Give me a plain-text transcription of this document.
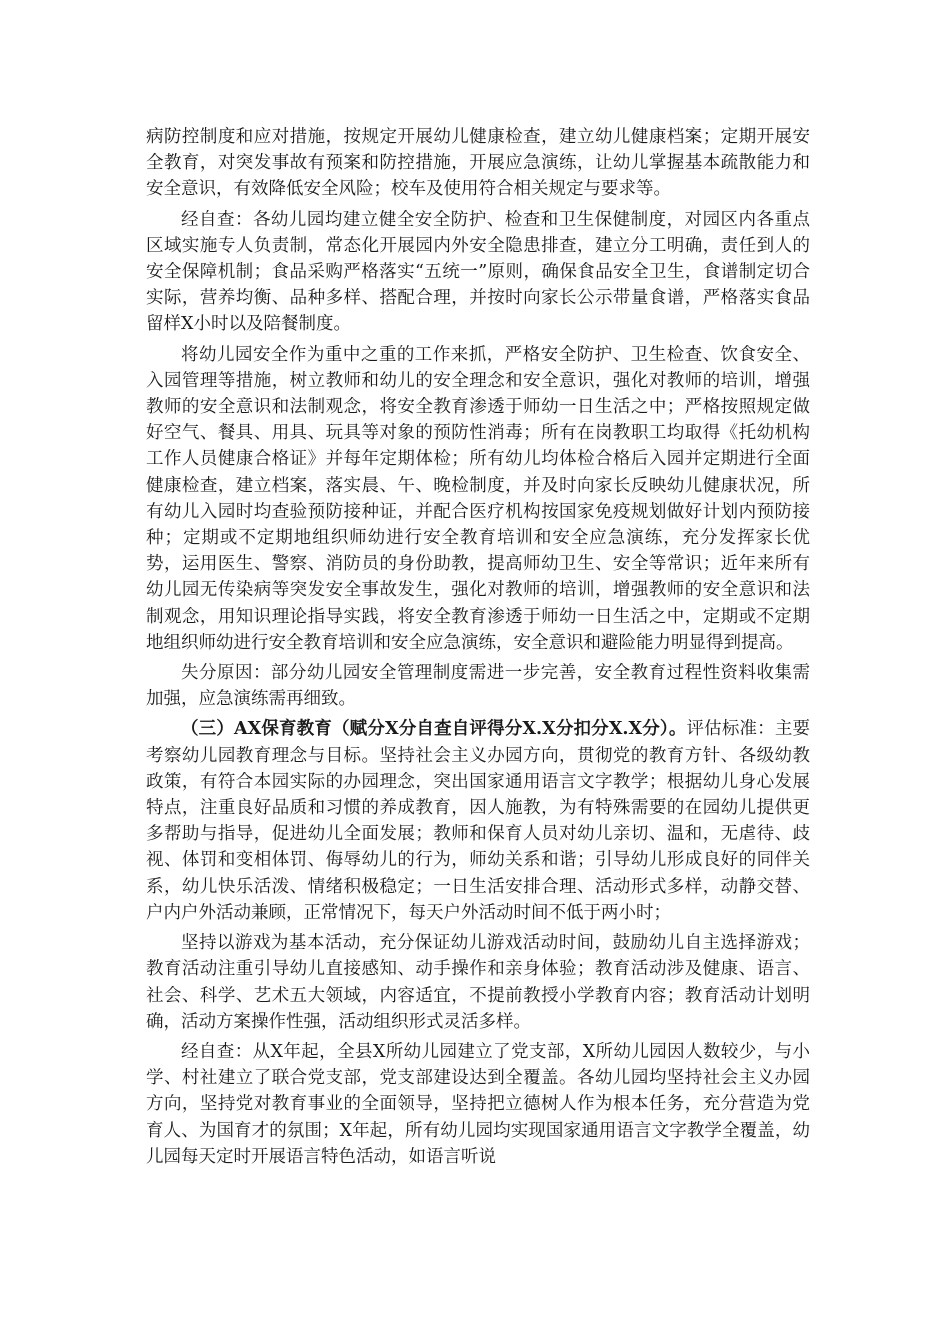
病防控制度和应对措施，按规定开展幼儿健康检查，建立幼儿健康档案；定期开展安全教育，对突发事故有预案和防控措施，开展应急演练，让幼儿掌握基本疏散能力和安全意识，有效降低安全风险；校车及使用符合相关规定与要求等。

经自查：各幼儿园均建立健全安全防护、检查和卫生保健制度，对园区内各重点区域实施专人负责制，常态化开展园内外安全隐患排查，建立分工明确，责任到人的安全保障机制；食品采购严格落实“五统一”原则，确保食品安全卫生，食谱制定切合实际，营养均衡、品种多样、搭配合理，并按时向家长公示带量食谱，严格落实食品留样X小时以及陪餐制度。

将幼儿园安全作为重中之重的工作来抓，严格安全防护、卫生检查、饮食安全、入园管理等措施，树立教师和幼儿的安全理念和安全意识，强化对教师的培训，增强教师的安全意识和法制观念，将安全教育渗透于师幼一日生活之中；严格按照规定做好空气、餐具、用具、玩具等对象的预防性消毒；所有在岗教职工均取得《托幼机构工作人员健康合格证》并每年定期体检；所有幼儿均体检合格后入园并定期进行全面健康检查，建立档案，落实晨、午、晚检制度，并及时向家长反映幼儿健康状况，所有幼儿入园时均查验预防接种证，并配合医疗机构按国家免疫规划做好计划内预防接种；定期或不定期地组织师幼进行安全教育培训和安全应急演练，充分发挥家长优势，运用医生、警察、消防员的身份助教，提高师幼卫生、安全等常识；近年来所有幼儿园无传染病等突发安全事故发生，强化对教师的培训，增强教师的安全意识和法制观念，用知识理论指导实践，将安全教育渗透于师幼一日生活之中，定期或不定期地组织师幼进行安全教育培训和安全应急演练，安全意识和避险能力明显得到提高。

失分原因：部分幼儿园安全管理制度需进一步完善，安全教育过程性资料收集需加强，应急演练需再细致。

（三）AX保育教育（赋分X分自查自评得分X.X分扣分X.X分）。评估标准：主要考察幼儿园教育理念与目标。坚持社会主义办园方向，贯彻党的教育方针、各级幼教政策，有符合本园实际的办园理念，突出国家通用语言文字教学；根据幼儿身心发展特点，注重良好品质和习惯的养成教育，因人施教，为有特殊需要的在园幼儿提供更多帮助与指导，促进幼儿全面发展；教师和保育人员对幼儿亲切、温和，无虐待、歧视、体罚和变相体罚、侮辱幼儿的行为，师幼关系和谐；引导幼儿形成良好的同伴关系，幼儿快乐活泼、情绪积极稳定；一日生活安排合理、活动形式多样，动静交替、户内户外活动兼顾，正常情况下，每天户外活动时间不低于两小时；

坚持以游戏为基本活动，充分保证幼儿游戏活动时间，鼓励幼儿自主选择游戏；教育活动注重引导幼儿直接感知、动手操作和亲身体验；教育活动涉及健康、语言、社会、科学、艺术五大领域，内容适宜，不提前教授小学教育内容；教育活动计划明确，活动方案操作性强，活动组织形式灵活多样。

经自查：从X年起，全县X所幼儿园建立了党支部，X所幼儿园因人数较少，与小学、村社建立了联合党支部，党支部建设达到全覆盖。各幼儿园均坚持社会主义办园方向，坚持党对教育事业的全面领导，坚持把立德树人作为根本任务，充分营造为党育人、为国育才的氛围；X年起，所有幼儿园均实现国家通用语言文字教学全覆盖，幼儿园每天定时开展语言特色活动，如语言听说
